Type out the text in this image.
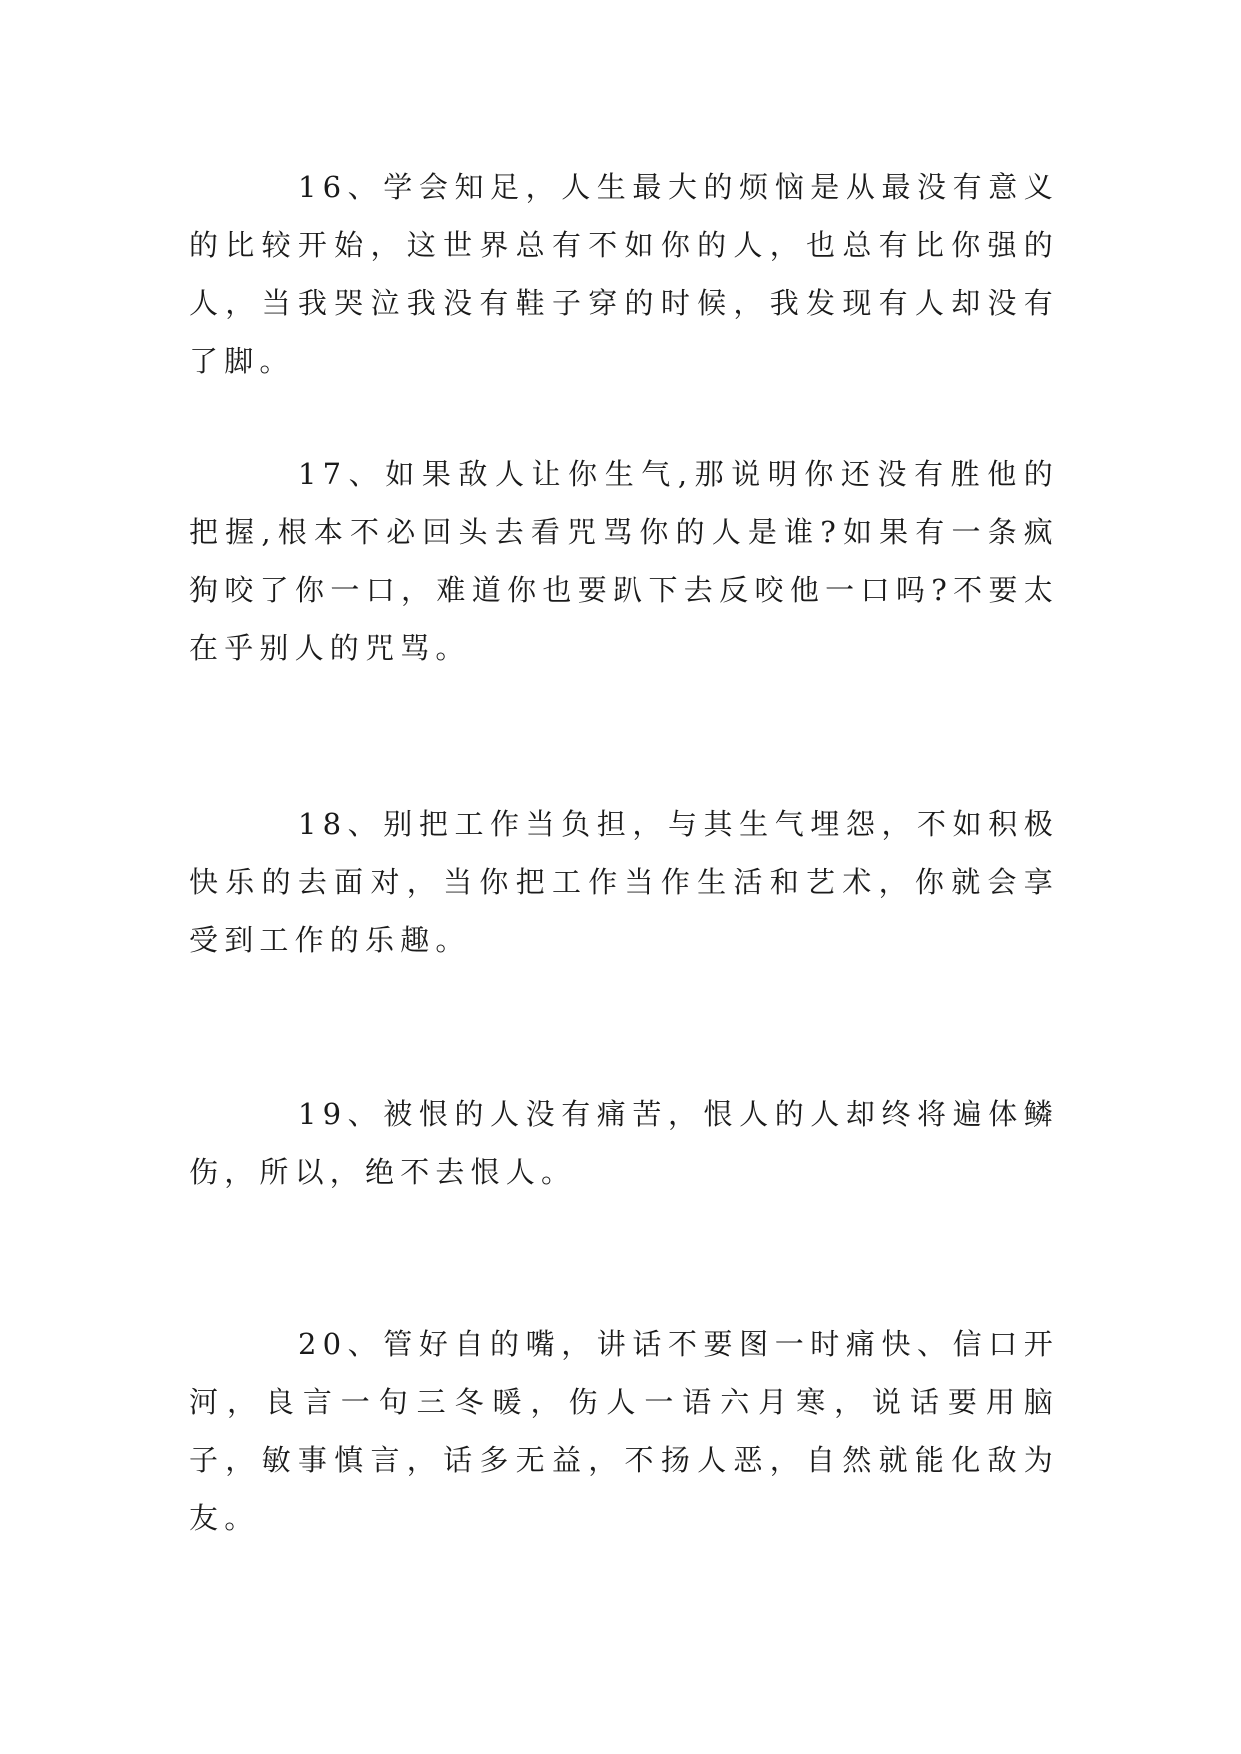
16、学会知足，人生最大的烦恼是从最没有意义的比较开始，这世界总有不如你的人，也总有比你强的人，当我哭泣我没有鞋子穿的时候，我发现有人却没有了脚。

17、如果敌人让你生气,那说明你还没有胜他的把握,根本不必回头去看咒骂你的人是谁?如果有一条疯狗咬了你一口，难道你也要趴下去反咬他一口吗?不要太在乎别人的咒骂。

18、别把工作当负担，与其生气埋怨，不如积极快乐的去面对，当你把工作当作生活和艺术，你就会享受到工作的乐趣。

19、被恨的人没有痛苦，恨人的人却终将遍体鳞伤，所以，绝不去恨人。

20、管好自的嘴，讲话不要图一时痛快、信口开河，良言一句三冬暖，伤人一语六月寒，说话要用脑子，敏事慎言，话多无益，不扬人恶，自然就能化敌为友。
